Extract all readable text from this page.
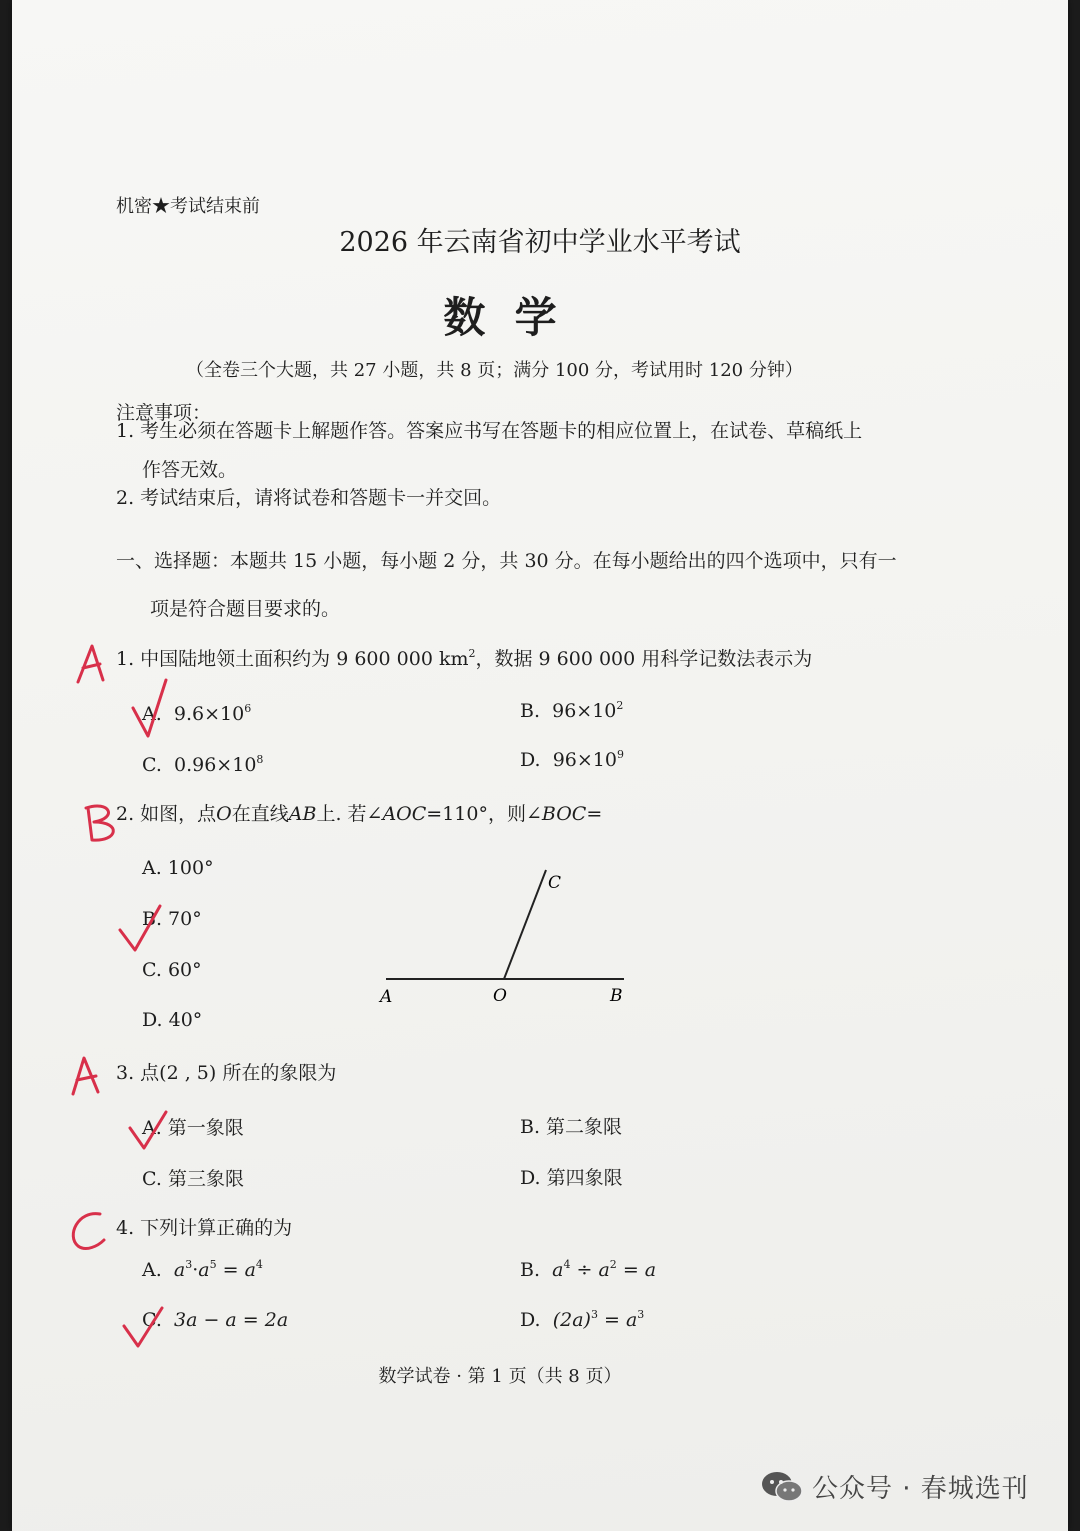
机密★考试结束前
2026 年云南省初中学业水平考试
数  学
（全卷三个大题，共 27 小题，共 8 页；满分 100 分，考试用时 120 分钟）
注意事项：
1. 考生必须在答题卡上解题作答。答案应书写在答题卡的相应位置上，在试卷、草稿纸上
作答无效。
2. 考试结束后，请将试卷和答题卡一并交回。
一、选择题：本题共 15 小题，每小题 2 分，共 30 分。在每小题给出的四个选项中，只有一
项是符合题目要求的。
1. 中国陆地领土面积约为 9 600 000 $km^2$，数据 9 600 000 用科学记数法表示为
A. $9.6\times 10^6$	B. $96\times 10^2$
C. $0.96\times 10^8$	D. $96\times 10^9$
2. 如图，点O在直线AB上. 若∠AOC=110°，则∠BOC=
A. 100°
B. 70°
C. 60°
D. 40°
A	O	B
C
3. 点(2 , 5) 所在的象限为
A. 第一象限	B. 第二象限
C. 第三象限	D. 第四象限
4. 下列计算正确的为
A. $a^3\cdot a^5 = a^4$	B. $a^4 \div a^2 = a$
C. 3a − a = 2a	D. $(2a)^3 = a^3$
数学试卷 · 第 1 页（共 8 页）
公众号 · 春城选刊
